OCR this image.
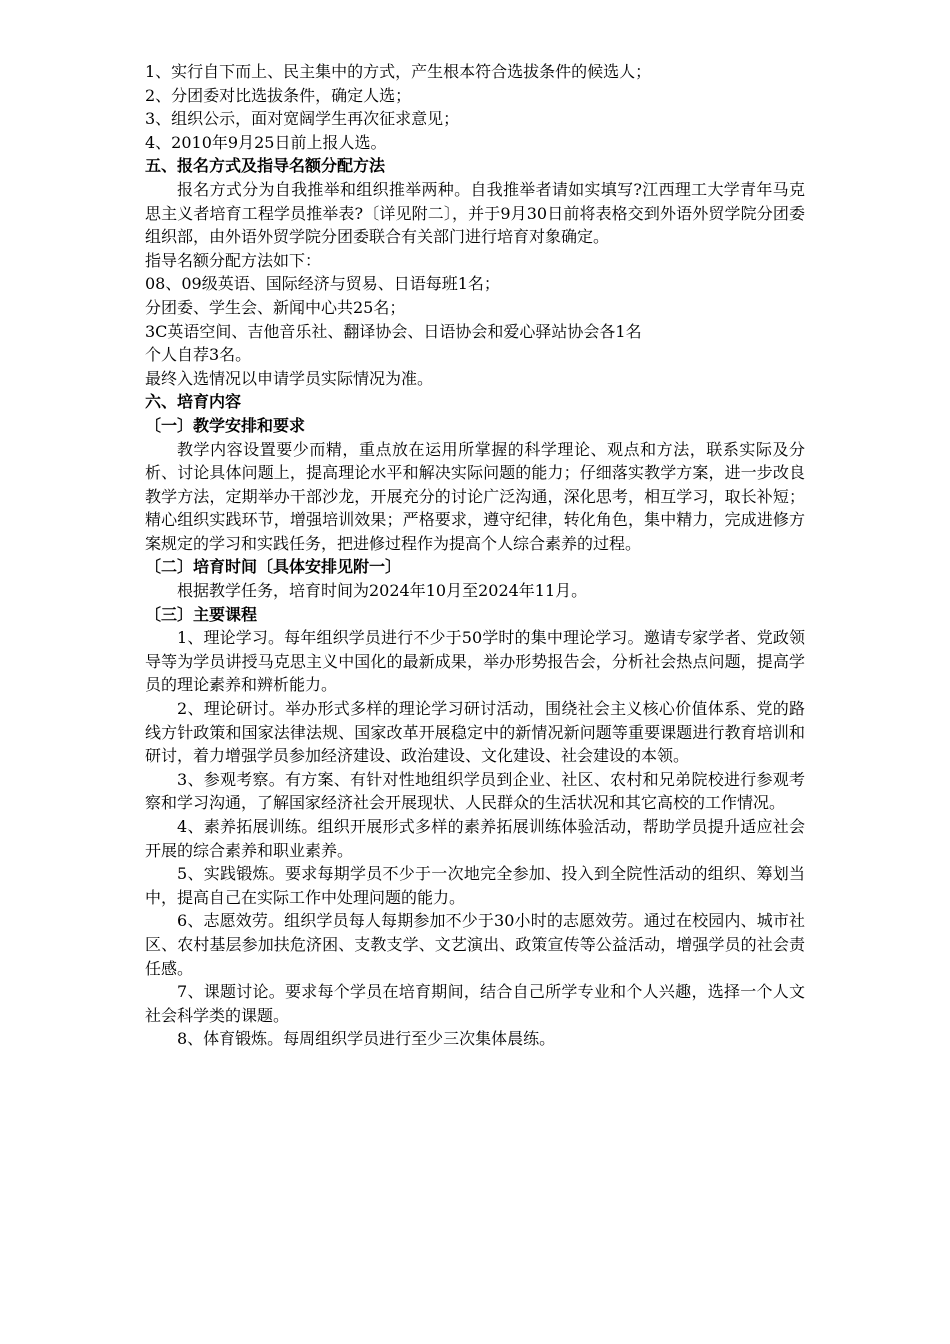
1、实行自下而上、民主集中的方式，产生根本符合选拔条件的候选人；
2、分团委对比选拔条件，确定人选；
3、组织公示，面对宽阔学生再次征求意见；
4、2010年9月25日前上报人选。
五、报名方式及指导名额分配方法
报名方式分为自我推举和组织推举两种。自我推举者请如实填写?江西理工大学青年马克思主义者培育工程学员推举表?〔详见附二〕，并于9月30日前将表格交到外语外贸学院分团委组织部，由外语外贸学院分团委联合有关部门进行培育对象确定。
指导名额分配方法如下：
08、09级英语、国际经济与贸易、日语每班1名；
分团委、学生会、新闻中心共25名；
3C英语空间、吉他音乐社、翻译协会、日语协会和爱心驿站协会各1名
个人自荐3名。
最终入选情况以申请学员实际情况为准。
六、培育内容
〔一〕教学安排和要求
教学内容设置要少而精，重点放在运用所掌握的科学理论、观点和方法，联系实际及分析、讨论具体问题上，提高理论水平和解决实际问题的能力；仔细落实教学方案，进一步改良教学方法，定期举办干部沙龙，开展充分的讨论广泛沟通，深化思考，相互学习，取长补短；精心组织实践环节，增强培训效果；严格要求，遵守纪律，转化角色，集中精力，完成进修方案规定的学习和实践任务，把进修过程作为提高个人综合素养的过程。
〔二〕培育时间〔具体安排见附一〕
根据教学任务，培育时间为2024年10月至2024年11月。
〔三〕主要课程
1、理论学习。每年组织学员进行不少于50学时的集中理论学习。邀请专家学者、党政领导等为学员讲授马克思主义中国化的最新成果，举办形势报告会，分析社会热点问题，提高学员的理论素养和辨析能力。
2、理论研讨。举办形式多样的理论学习研讨活动，围绕社会主义核心价值体系、党的路线方针政策和国家法律法规、国家改革开展稳定中的新情况新问题等重要课题进行教育培训和研讨，着力增强学员参加经济建设、政治建设、文化建设、社会建设的本领。
3、参观考察。有方案、有针对性地组织学员到企业、社区、农村和兄弟院校进行参观考察和学习沟通，了解国家经济社会开展现状、人民群众的生活状况和其它高校的工作情况。
4、素养拓展训练。组织开展形式多样的素养拓展训练体验活动，帮助学员提升适应社会开展的综合素养和职业素养。
5、实践锻炼。要求每期学员不少于一次地完全参加、投入到全院性活动的组织、筹划当中，提高自己在实际工作中处理问题的能力。
6、志愿效劳。组织学员每人每期参加不少于30小时的志愿效劳。通过在校园内、城市社区、农村基层参加扶危济困、支教支学、文艺演出、政策宣传等公益活动，增强学员的社会责任感。
7、课题讨论。要求每个学员在培育期间，结合自己所学专业和个人兴趣，选择一个人文社会科学类的课题。
8、体育锻炼。每周组织学员进行至少三次集体晨练。
